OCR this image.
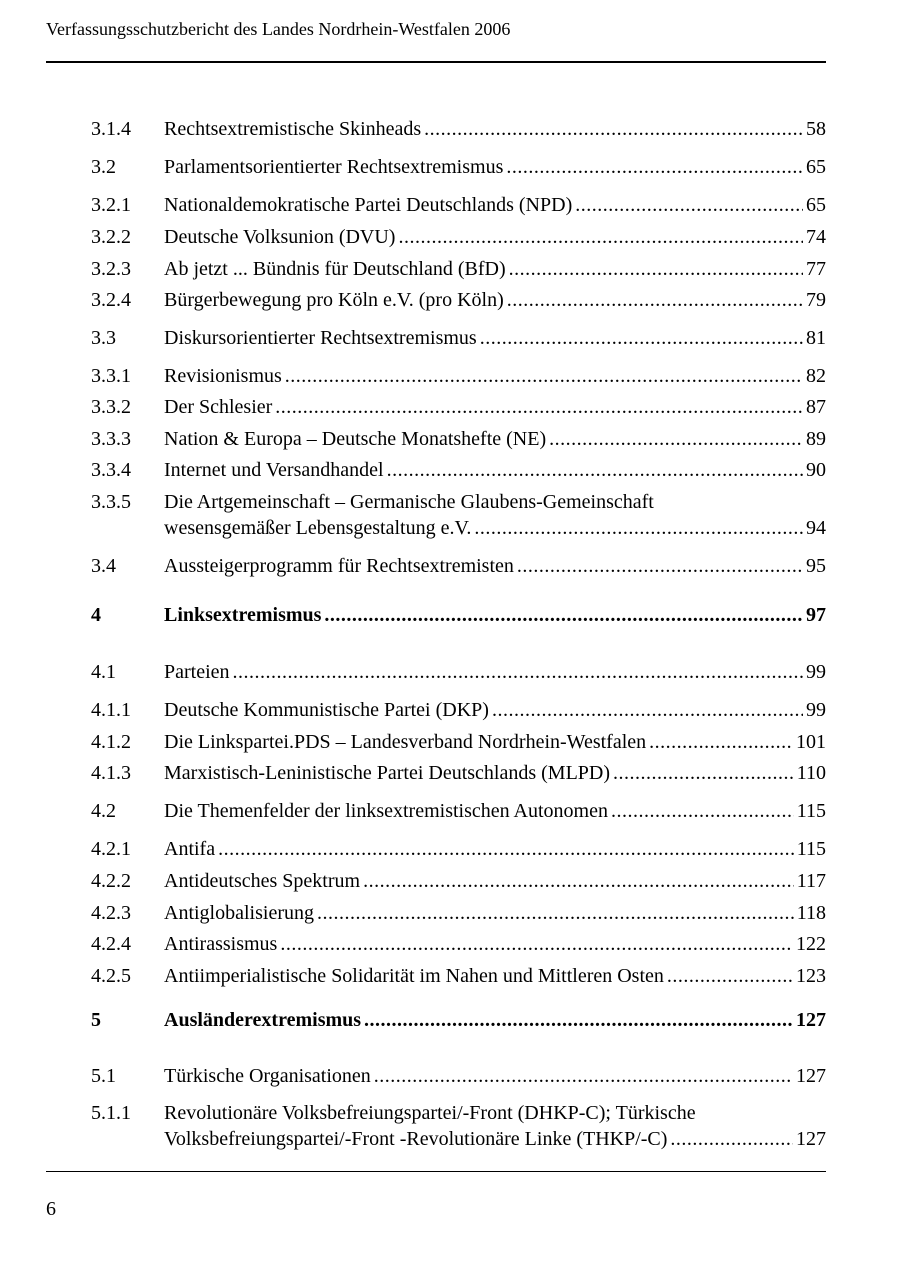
Verfassungsschutzbericht des Landes Nordrhein-Westfalen 2006
3.1.4	Rechtsextremistische Skinheads .....	58
3.2	Parlamentsorientierter Rechtsextremismus .....	65
3.2.1	Nationaldemokratische Partei Deutschlands (NPD) .....	65
3.2.2	Deutsche Volksunion (DVU) .....	74
3.2.3	Ab jetzt ... Bündnis für Deutschland (BfD) .....	77
3.2.4	Bürgerbewegung pro Köln e.V. (pro Köln) .....	79
3.3	Diskursorientierter Rechtsextremismus .....	81
3.3.1	Revisionismus .....	82
3.3.2	Der Schlesier .....	87
3.3.3	Nation & Europa – Deutsche Monatshefte (NE) .....	89
3.3.4	Internet und Versandhandel .....	90
3.3.5	Die Artgemeinschaft – Germanische Glaubens-Gemeinschaft
wesensgemäßer Lebensgestaltung e.V. .....	94
3.4	Aussteigerprogramm für Rechtsextremisten .....	95
4	Linksextremismus .....	97
4.1	Parteien .....	99
4.1.1	Deutsche Kommunistische Partei (DKP) .....	99
4.1.2	Die Linkspartei.PDS – Landesverband Nordrhein-Westfalen .....	101
4.1.3	Marxistisch-Leninistische Partei Deutschlands (MLPD) .....	110
4.2	Die Themenfelder der linksextremistischen Autonomen .....	115
4.2.1	Antifa .....	115
4.2.2	Antideutsches Spektrum .....	117
4.2.3	Antiglobalisierung .....	118
4.2.4	Antirassismus .....	122
4.2.5	Antiimperialistische Solidarität im Nahen und Mittleren Osten .....	123
5	Ausländerextremismus .....	127
5.1	Türkische Organisationen .....	127
5.1.1	Revolutionäre Volksbefreiungspartei/-Front (DHKP-C); Türkische
Volksbefreiungspartei/-Front -Revolutionäre Linke (THKP/-C) .....	127
6
